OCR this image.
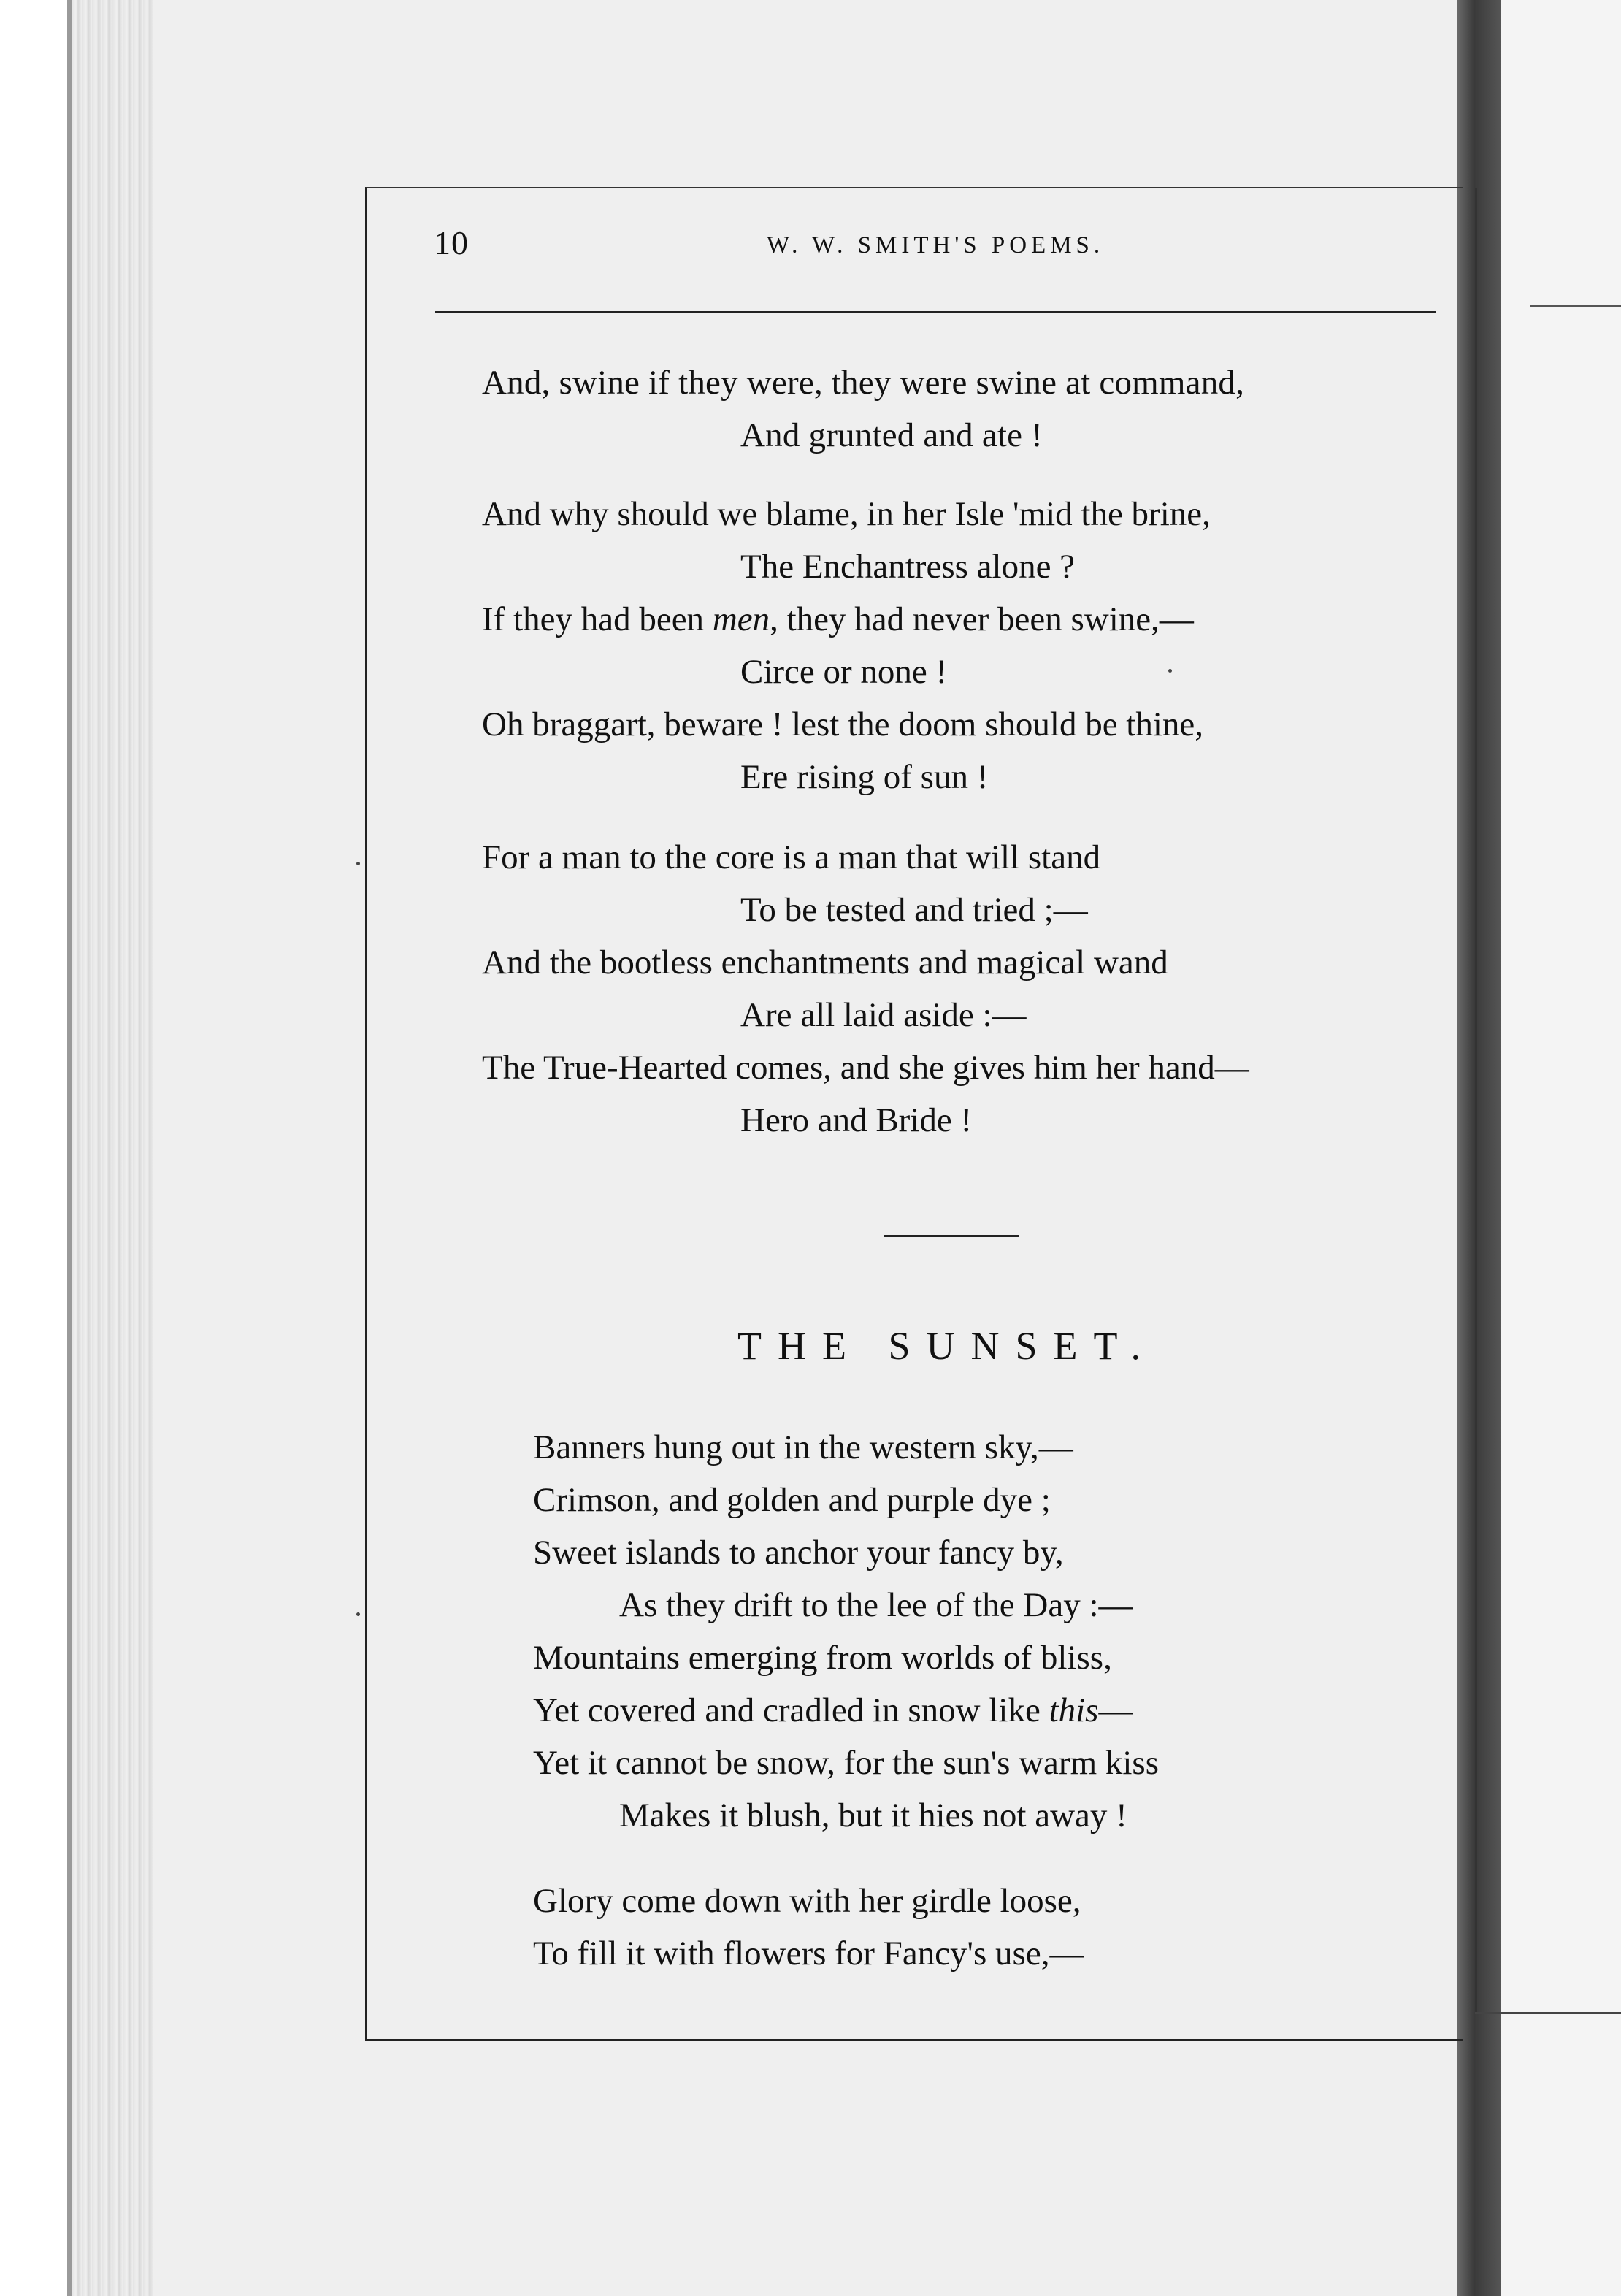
10	W. W. SMITH'S POEMS.
And, swine if they were, they were swine at command,
And grunted and ate !
And why should we blame, in her Isle 'mid the brine,
The Enchantress alone ?
If they had been men, they had never been swine,—
Circe or none !
Oh braggart, beware ! lest the doom should be thine,
Ere rising of sun !
For a man to the core is a man that will stand
To be tested and tried ;—
And the bootless enchantments and magical wand
Are all laid aside :—
The True-Hearted comes, and she gives him her hand—
Hero and Bride !
THE SUNSET.
Banners hung out in the western sky,—
Crimson, and golden and purple dye ;
Sweet islands to anchor your fancy by,
As they drift to the lee of the Day :—
Mountains emerging from worlds of bliss,
Yet covered and cradled in snow like this—
Yet it cannot be snow, for the sun's warm kiss
Makes it blush, but it hies not away !
Glory come down with her girdle loose,
To fill it with flowers for Fancy's use,—
